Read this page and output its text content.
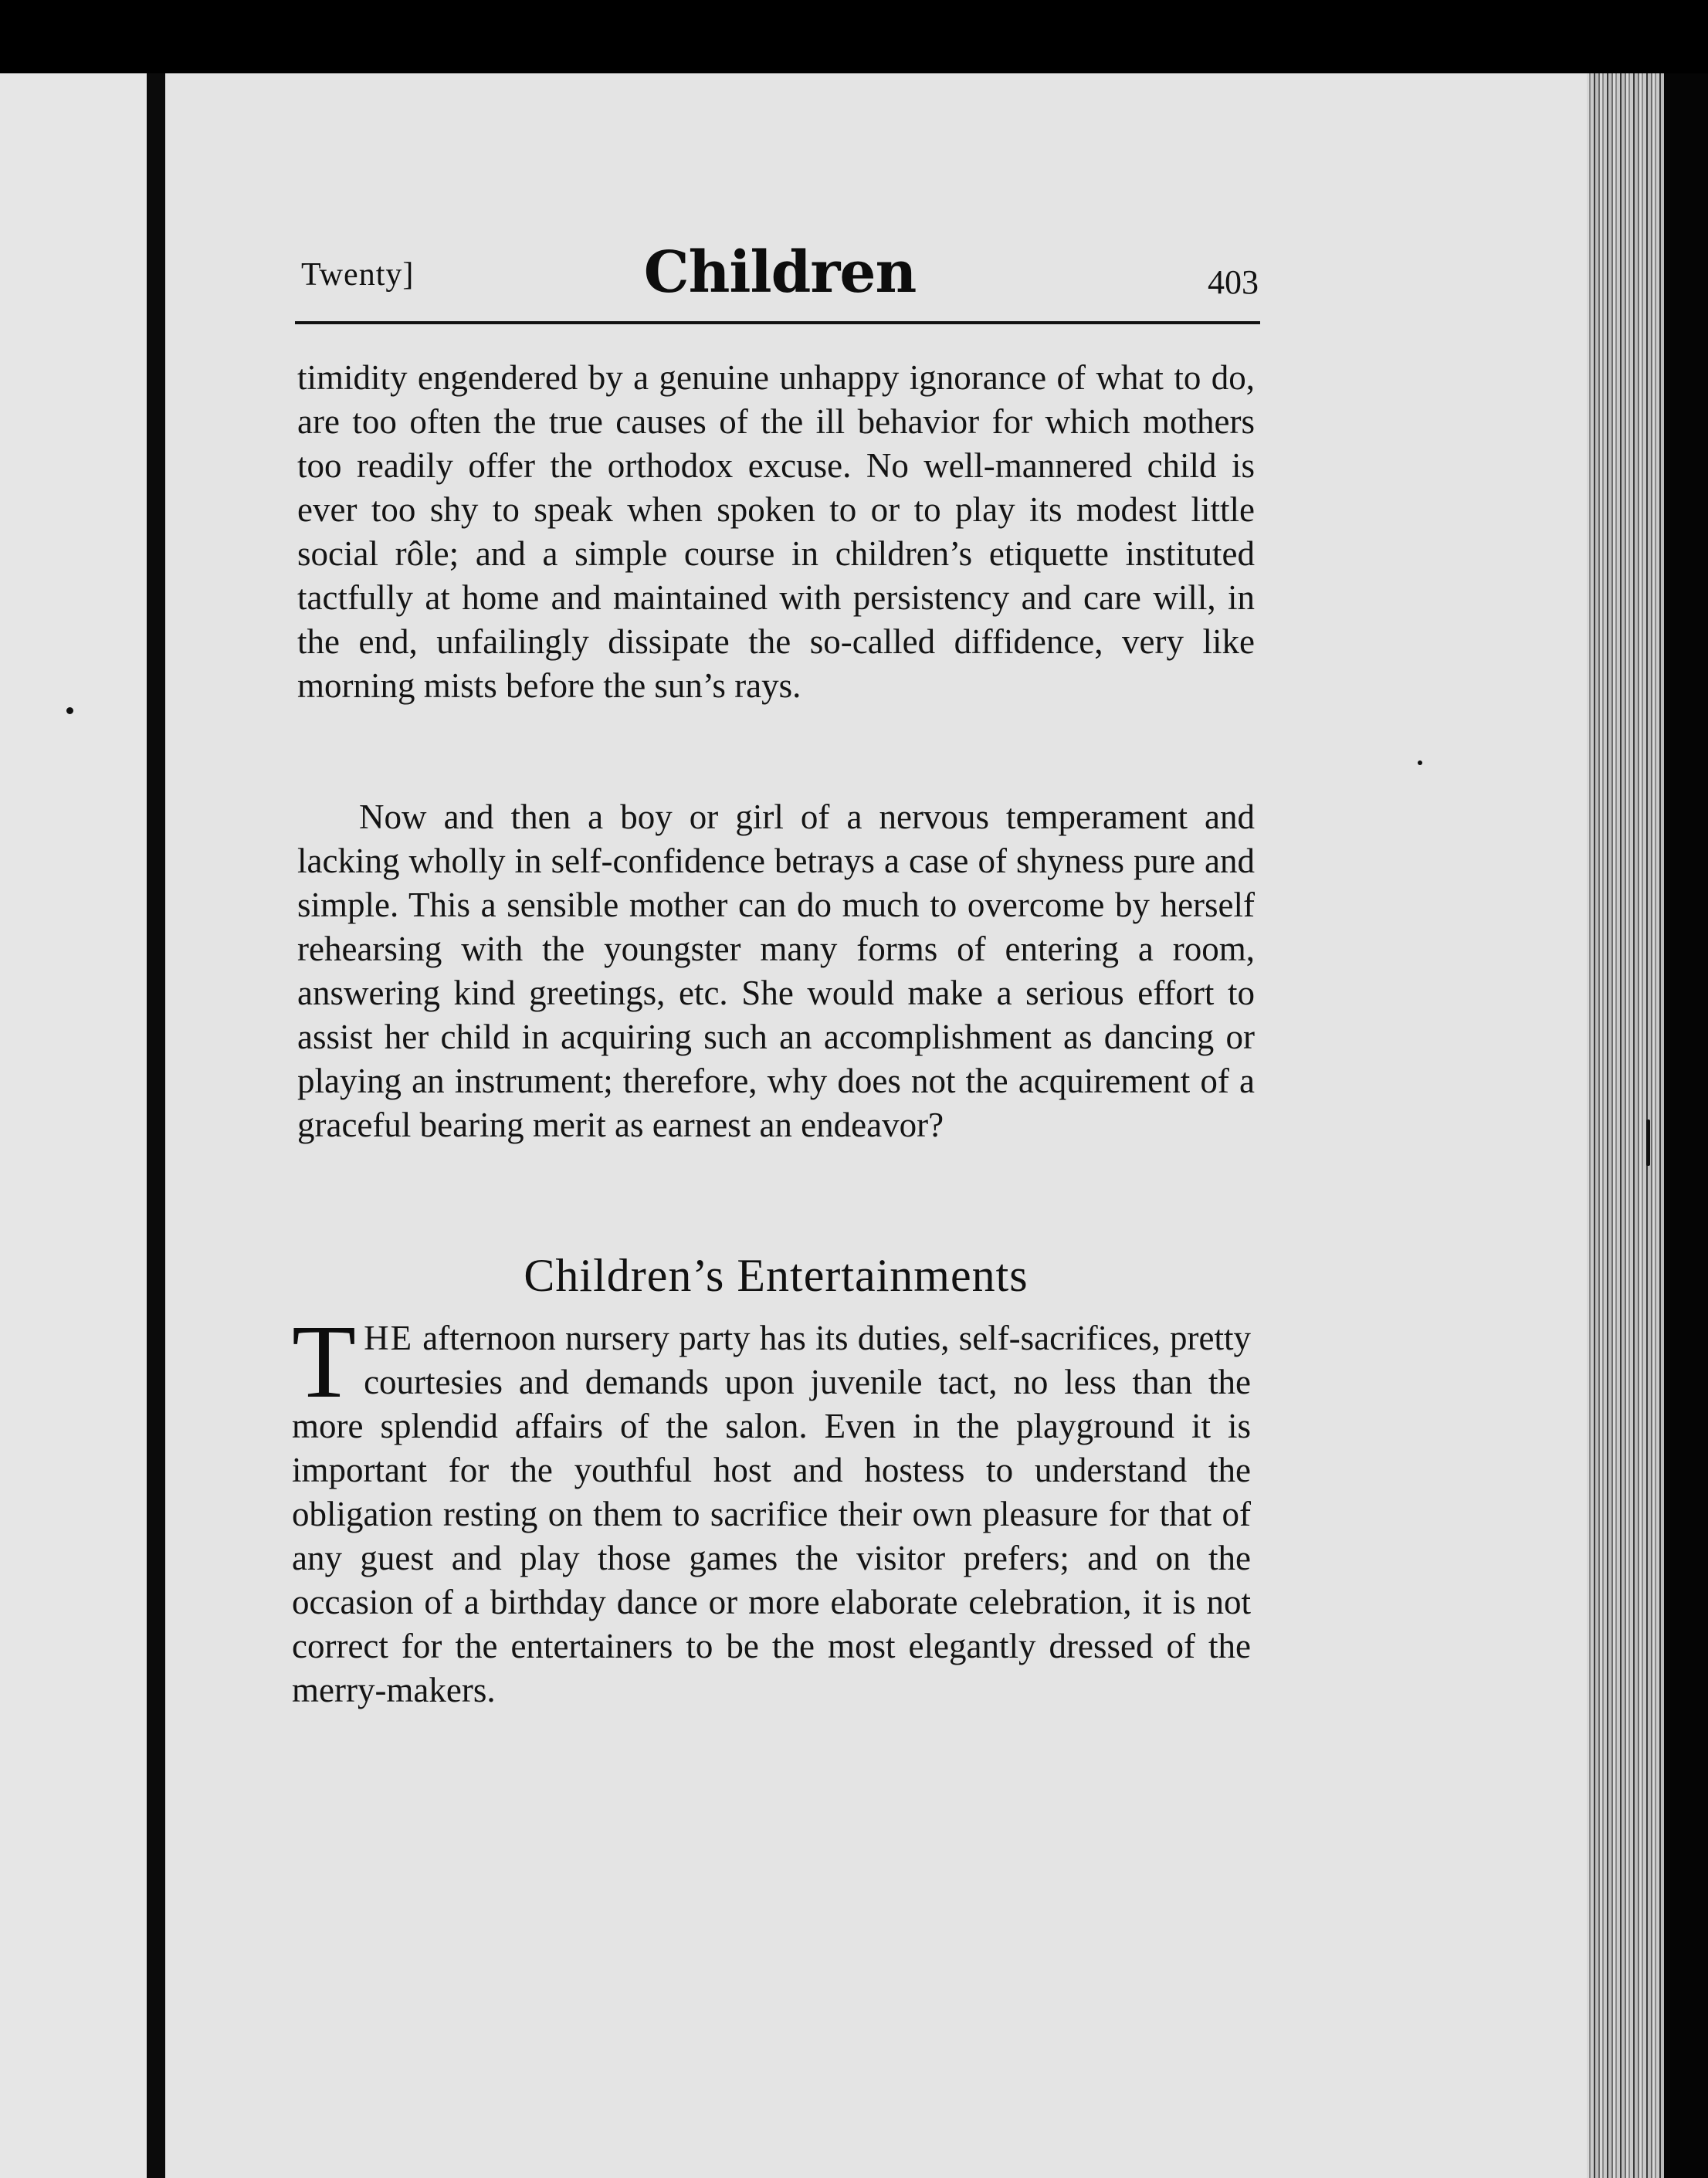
Twenty]	Children	403

timidity engendered by a genuine unhappy ignorance of what to do, are too often the true causes of the ill behavior for which mothers too readily offer the orthodox excuse. No well-mannered child is ever too shy to speak when spoken to or to play its modest little social rôle; and a simple course in children’s etiquette instituted tactfully at home and maintained with persistency and care will, in the end, unfailingly dissipate the so-called diffidence, very like morning mists before the sun’s rays.

Now and then a boy or girl of a nervous temperament and lacking wholly in self-confidence betrays a case of shyness pure and simple. This a sensible mother can do much to overcome by herself rehearsing with the youngster many forms of entering a room, answering kind greetings, etc. She would make a serious effort to assist her child in acquiring such an accomplishment as dancing or playing an instrument; therefore, why does not the acquirement of a graceful bearing merit as earnest an endeavor?

Children’s Entertainments

THE afternoon nursery party has its duties, self-sacrifices, pretty courtesies and demands upon juvenile tact, no less than the more splendid affairs of the salon. Even in the playground it is important for the youthful host and hostess to understand the obligation resting on them to sacrifice their own pleasure for that of any guest and play those games the visitor prefers; and on the occasion of a birthday dance or more elaborate celebration, it is not correct for the entertainers to be the most elegantly dressed of the merry-makers.
